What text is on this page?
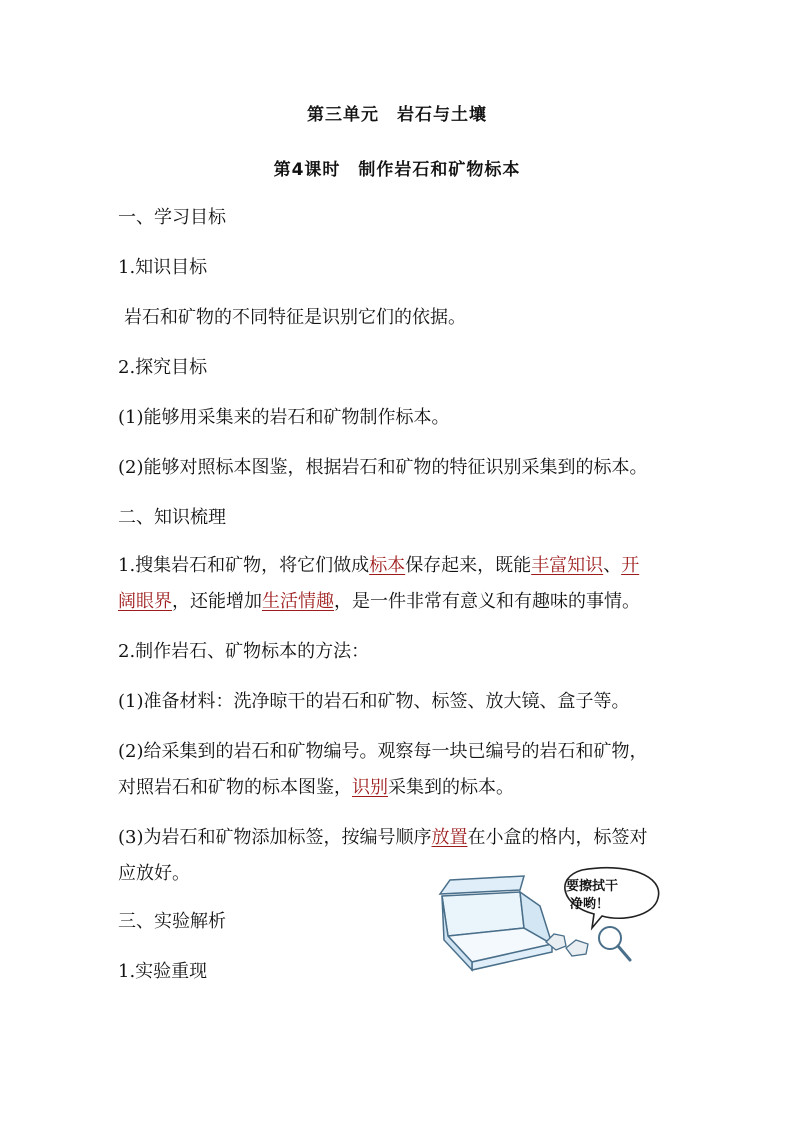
第三单元　岩石与土壤
第4课时　制作岩石和矿物标本
一、学习目标
1.知识目标
岩石和矿物的不同特征是识别它们的依据。
2.探究目标
(1)能够用采集来的岩石和矿物制作标本。
(2)能够对照标本图鉴，根据岩石和矿物的特征识别采集到的标本。
二、知识梳理
1.搜集岩石和矿物，将它们做成标本保存起来，既能丰富知识、开
阔眼界，还能增加生活情趣，是一件非常有意义和有趣味的事情。
2.制作岩石、矿物标本的方法：
(1)准备材料：洗净晾干的岩石和矿物、标签、放大镜、盒子等。
(2)给采集到的岩石和矿物编号。观察每一块已编号的岩石和矿物，
对照岩石和矿物的标本图鉴，识别采集到的标本。
(3)为岩石和矿物添加标签，按编号顺序放置在小盒的格内，标签对
应放好。
三、实验解析
1.实验重现
要擦拭干
净哟！
